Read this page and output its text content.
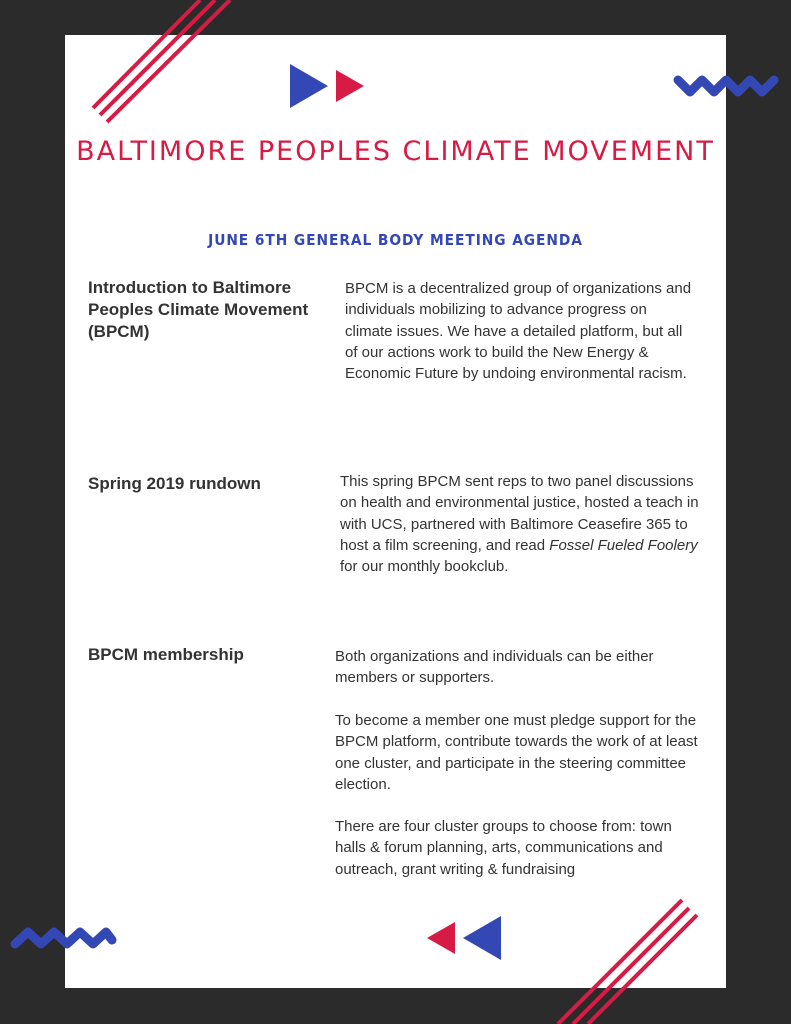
BALTIMORE PEOPLES CLIMATE MOVEMENT
JUNE 6TH GENERAL BODY MEETING AGENDA

Introduction to Baltimore Peoples Climate Movement (BPCM)

BPCM is a decentralized group of organizations and individuals mobilizing to advance progress on climate issues. We have a detailed platform, but all of our actions work to build the New Energy & Economic Future by undoing environmental racism.

Spring 2019 rundown	This spring BPCM sent reps to two panel discussions on health and environmental justice, hosted a teach in with UCS, partnered with Baltimore Ceasefire 365 to host a film screening, and read Fossel Fueled Foolery for our monthly bookclub.

BPCM membership	Both organizations and individuals can be either members or supporters.

To become a member one must pledge support for the BPCM platform, contribute towards the work of at least one cluster, and participate in the steering committee election.

There are four cluster groups to choose from: town halls & forum planning, arts, communications and outreach, grant writing & fundraising
